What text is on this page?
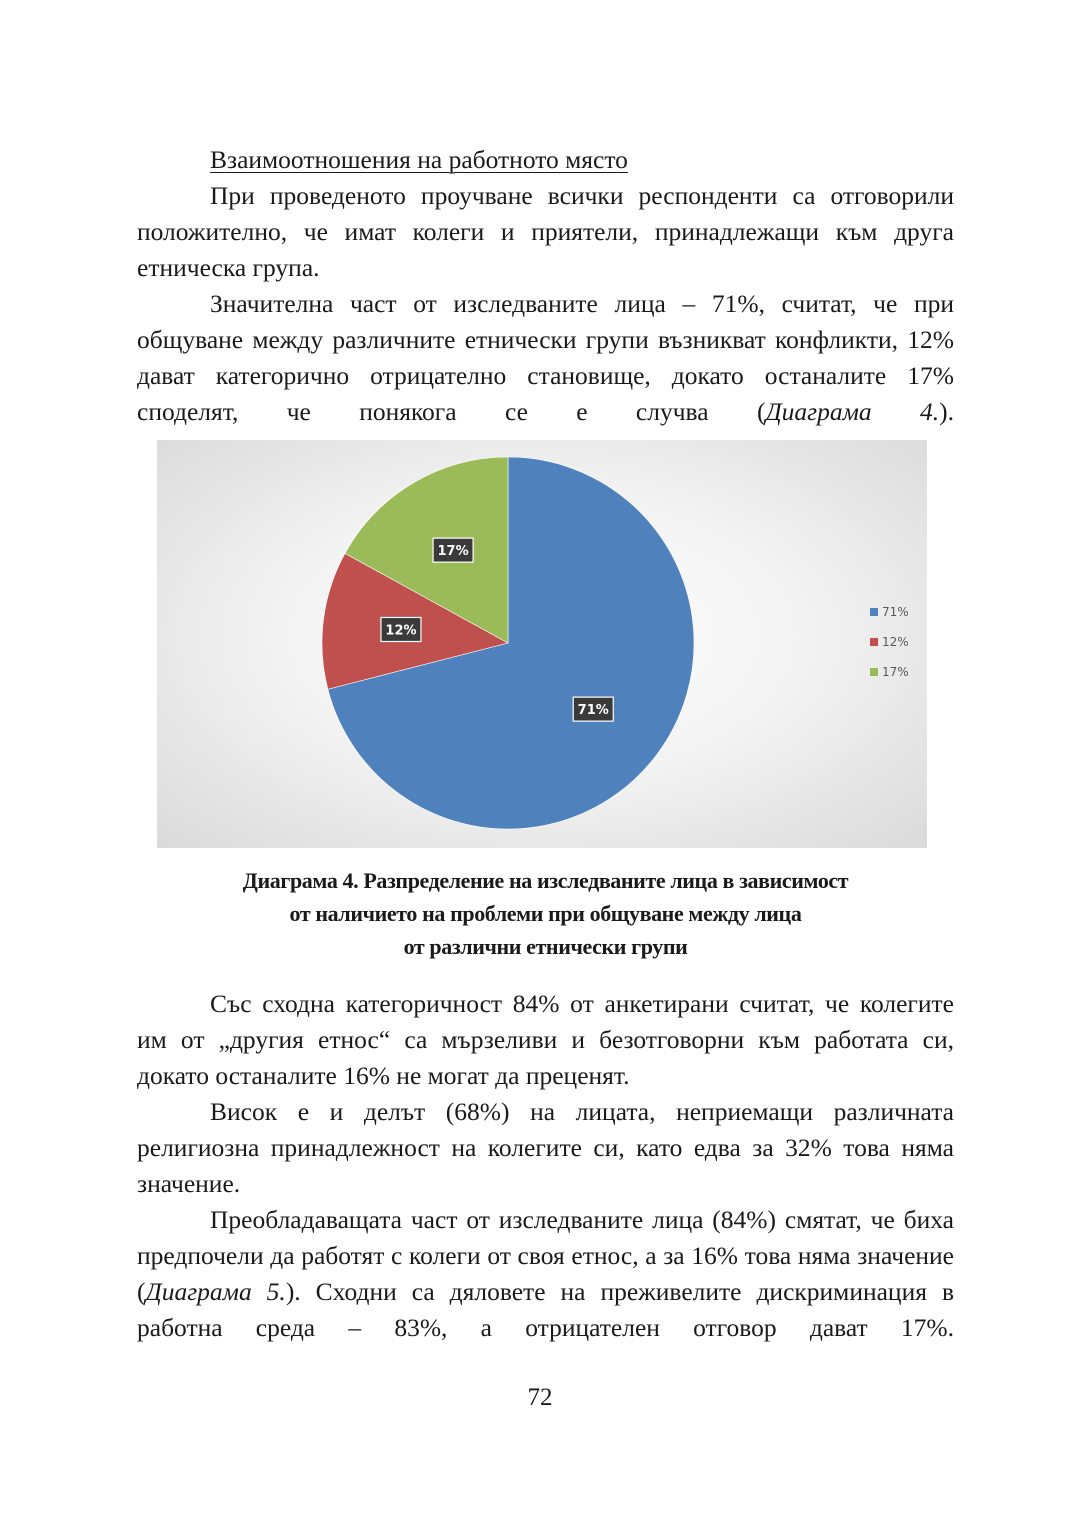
Взаимоотношения на работното място

При проведеното проучване всички респонденти са отговорили положително, че имат колеги и приятели, принадлежащи към друга етническа група.

Значителна част от изследваните лица – 71%, считат, че при общуване между различните етнически групи възникват конфликти, 12% дават категорично отрицателно становище, докато останалите 17% споделят, че понякога се е случва (Диаграма 4.).

71%
12%
17%
71%
12%
17%
Диаграма 4. Разпределение на изследваните лица в зависимост
от наличието на проблеми при общуване между лица
от различни етнически групи

Със сходна категоричност 84% от анкетирани считат, че колегите им от „другия етнос“ са мързеливи и безотговорни към работата си, докато останалите 16% не могат да преценят.

Висок е и делът (68%) на лицата, неприемащи различната религиозна принадлежност на колегите си, като едва за 32% това няма значение.

Преобладаващата част от изследваните лица (84%) смятат, че биха предпочели да работят с колеги от своя етнос, а за 16% това няма значение (Диаграма 5.). Сходни са дяловете на преживелите дискриминация в работна среда – 83%, а отрицателен отговор дават 17%.

72
